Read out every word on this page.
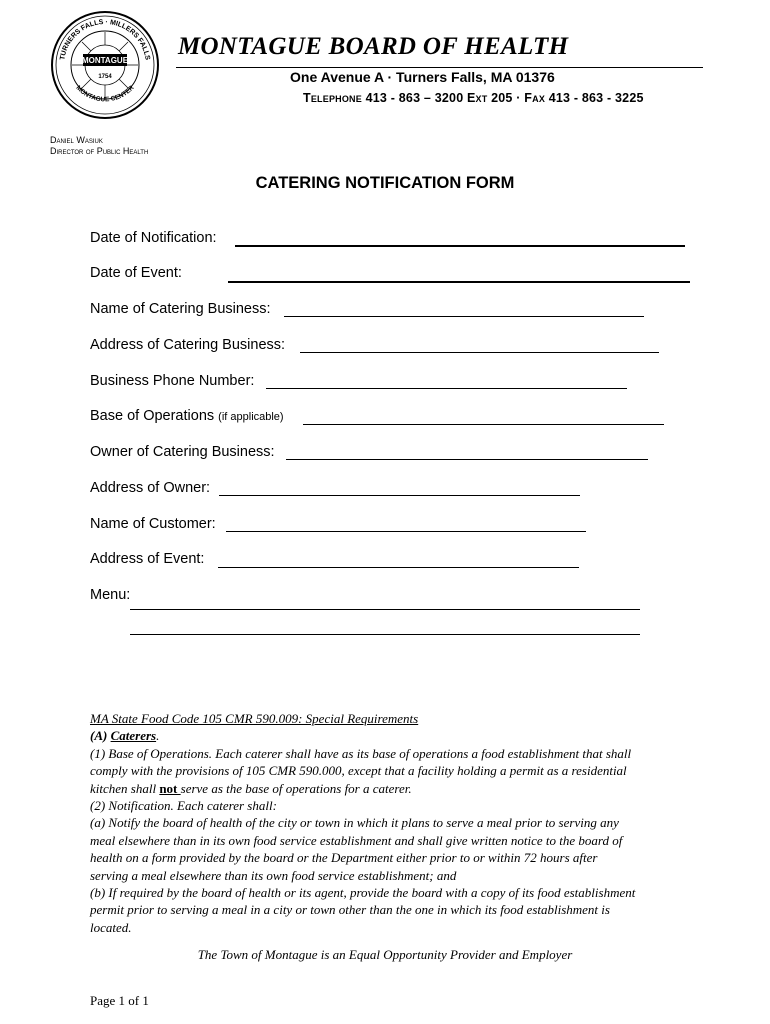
TURNERS FALLS · MILLERS FALLS
MONTAGUE CENTER
MONTAGUE
1754
MONTAGUE BOARD OF HEALTH
One Avenue A · Turners Falls, MA 01376
Telephone 413 - 863 – 3200 Ext 205 · Fax 413 - 863 - 3225
Daniel Wasiuk
Director of Public Health
CATERING NOTIFICATION FORM
Date of Notification:
Date of Event:
Name of Catering Business:
Address of Catering Business:
Business Phone Number:
Base of Operations (if applicable)
Owner of Catering Business:
Address of Owner:
Name of Customer:
Address of Event:
Menu:
MA State Food Code 105 CMR 590.009: Special Requirements
(A) Caterers.
(1) Base of Operations. Each caterer shall have as its base of operations a food establishment that shall
comply with the provisions of 105 CMR 590.000, except that a facility holding a permit as a residential
kitchen shall not serve as the base of operations for a caterer.
(2) Notification. Each caterer shall:
(a) Notify the board of health of the city or town in which it plans to serve a meal prior to serving any
meal elsewhere than in its own food service establishment and shall give written notice to the board of
health on a form provided by the board or the Department either prior to or within 72 hours after
serving a meal elsewhere than its own food service establishment; and
(b) If required by the board of health or its agent, provide the board with a copy of its food establishment
permit prior to serving a meal in a city or town other than the one in which its food establishment is
located.
The Town of Montague is an Equal Opportunity Provider and Employer
Page 1 of 1
